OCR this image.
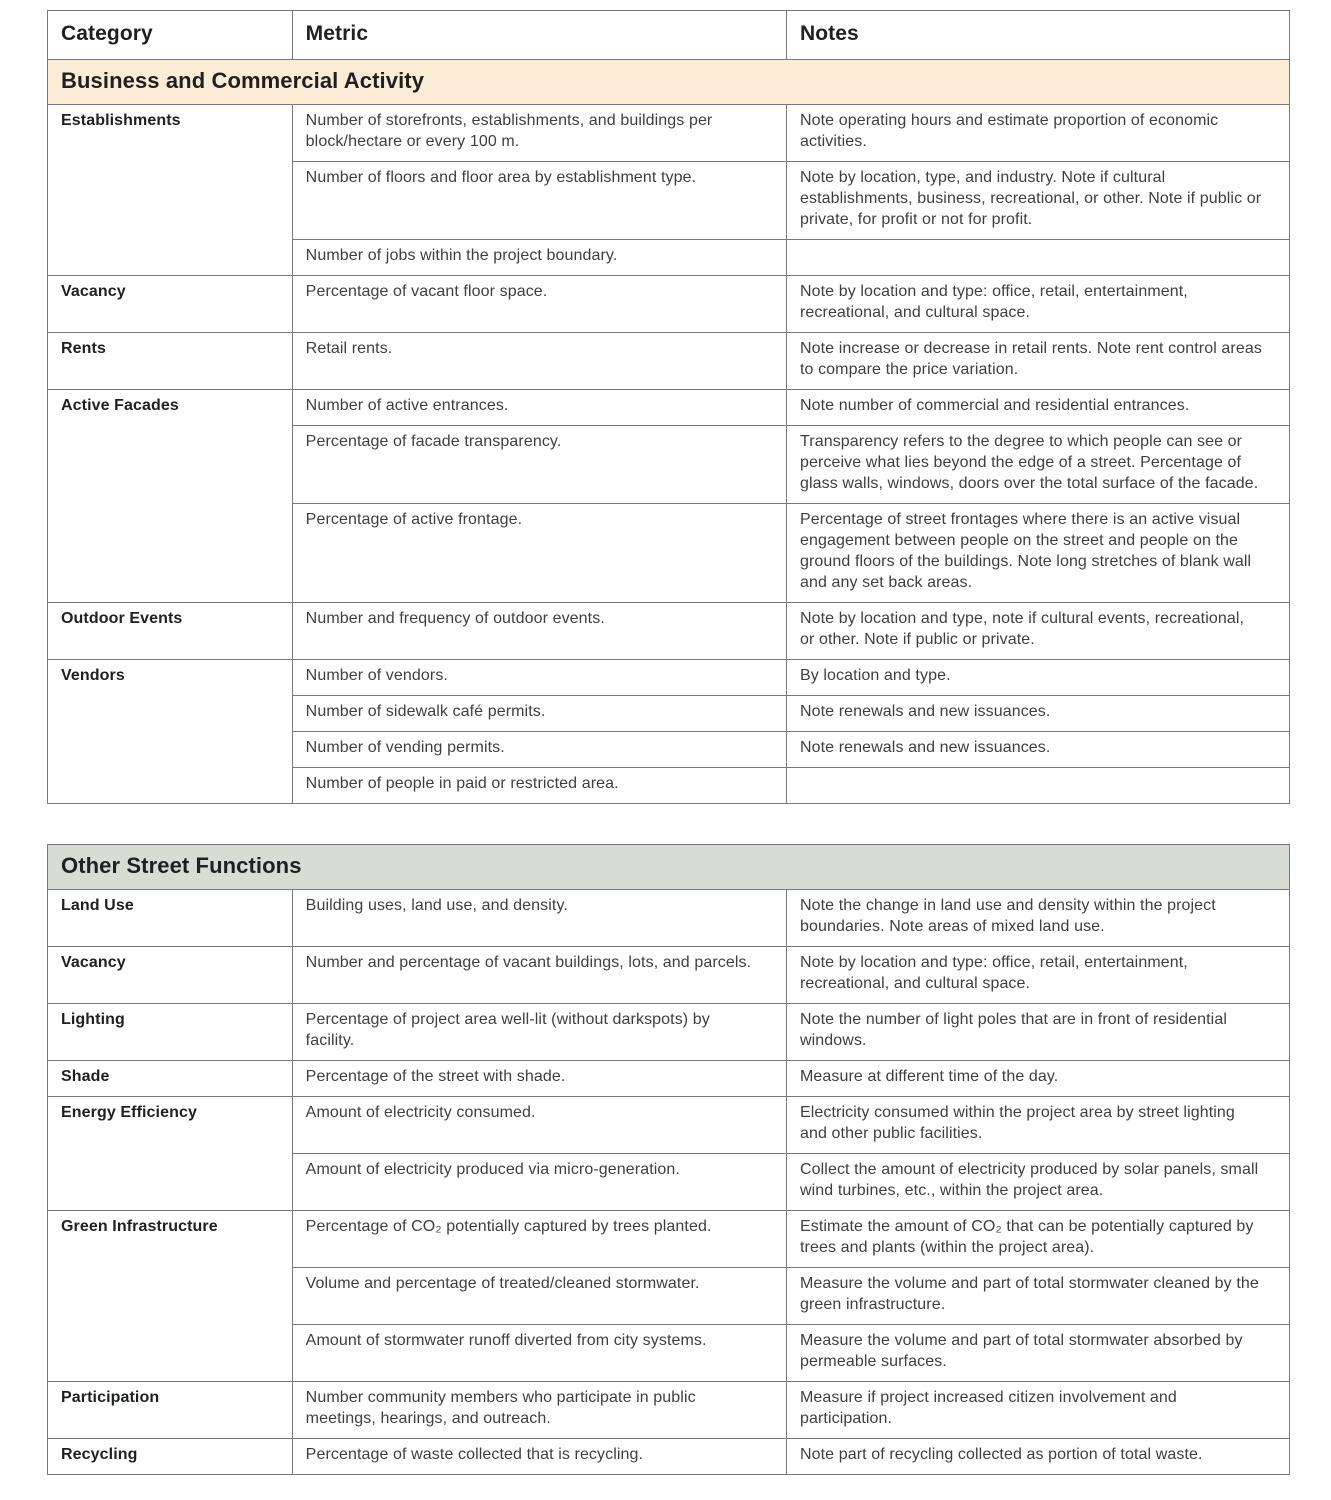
Category	Metric	Notes
Business and Commercial Activity		
Establishments	Number of storefronts, establishments, and buildings per block/hectare or every 100 m.	Note operating hours and estimate proportion of economic activities.
	Number of floors and floor area by establishment type.	Note by location, type, and industry. Note if cultural establishments, business, recreational, or other. Note if public or private, for profit or not for profit.
	Number of jobs within the project boundary.	
Vacancy	Percentage of vacant floor space.	Note by location and type: office, retail, entertainment, recreational, and cultural space.
Rents	Retail rents.	Note increase or decrease in retail rents. Note rent control areas to compare the price variation.
Active Facades	Number of active entrances.	Note number of commercial and residential entrances.
	Percentage of facade transparency.	Transparency refers to the degree to which people can see or perceive what lies beyond the edge of a street. Percentage of glass walls, windows, doors over the total surface of the facade.
	Percentage of active frontage.	Percentage of street frontages where there is an active visual engagement between people on the street and people on the ground floors of the buildings. Note long stretches of blank wall and any set back areas.
Outdoor Events	Number and frequency of outdoor events.	Note by location and type, note if cultural events, recreational, or other. Note if public or private.
Vendors	Number of vendors.	By location and type.
	Number of sidewalk café permits.	Note renewals and new issuances.
	Number of vending permits.	Note renewals and new issuances.
	Number of people in paid or restricted area.	
Other Street Functions		
Land Use	Building uses, land use, and density.	Note the change in land use and density within the project boundaries. Note areas of mixed land use.
Vacancy	Number and percentage of vacant buildings, lots, and parcels.	Note by location and type: office, retail, entertainment, recreational, and cultural space.
Lighting	Percentage of project area well-lit (without darkspots) by facility.	Note the number of light poles that are in front of residential windows.
Shade	Percentage of the street with shade.	Measure at different time of the day.
Energy Efficiency	Amount of electricity consumed.	Electricity consumed within the project area by street lighting and other public facilities.
	Amount of electricity produced via micro-generation.	Collect the amount of electricity produced by solar panels, small wind turbines, etc., within the project area.
Green Infrastructure	Percentage of CO₂ potentially captured by trees planted.	Estimate the amount of CO₂ that can be potentially captured by trees and plants (within the project area).
	Volume and percentage of treated/cleaned stormwater.	Measure the volume and part of total stormwater cleaned by the green infrastructure.
	Amount of stormwater runoff diverted from city systems.	Measure the volume and part of total stormwater absorbed by permeable surfaces.
Participation	Number community members who participate in public meetings, hearings, and outreach.	Measure if project increased citizen involvement and participation.
Recycling	Percentage of waste collected that is recycling.	Note part of recycling collected as portion of total waste.
